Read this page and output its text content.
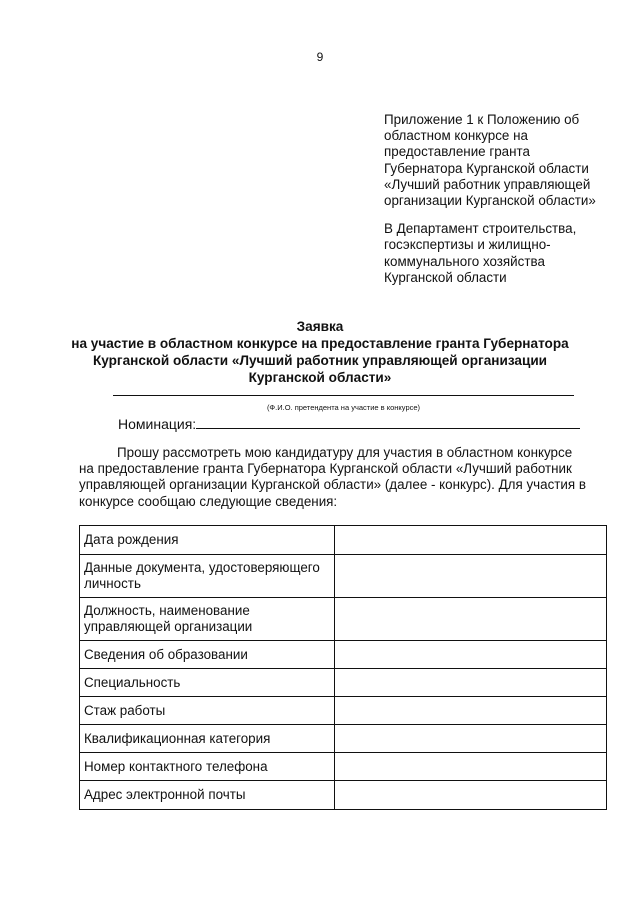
9
Приложение 1 к Положению об
областном конкурсе на
предоставление гранта
Губернатора Курганской области
«Лучший работник управляющей
организации Курганской области»
В Департамент строительства,
госэкспертизы и жилищно-
коммунального хозяйства
Курганской области
Заявка
на участие в областном конкурсе на предоставление гранта Губернатора
Курганской области «Лучший работник управляющей организации
Курганской области»
(Ф.И.О. претендента на участие в конкурсе)
Номинация:
Прошу рассмотреть мою кандидатуру для участия в областном конкурсе
на предоставление гранта Губернатора Курганской области «Лучший работник
управляющей организации Курганской области» (далее - конкурс). Для участия в
конкурсе сообщаю следующие сведения:
Дата рождения	
Данные документа, удостоверяющего
личность	
Должность, наименование
управляющей организации	
Сведения об образовании	
Специальность	
Стаж работы	
Квалификационная категория	
Номер контактного телефона	
Адрес электронной почты	
